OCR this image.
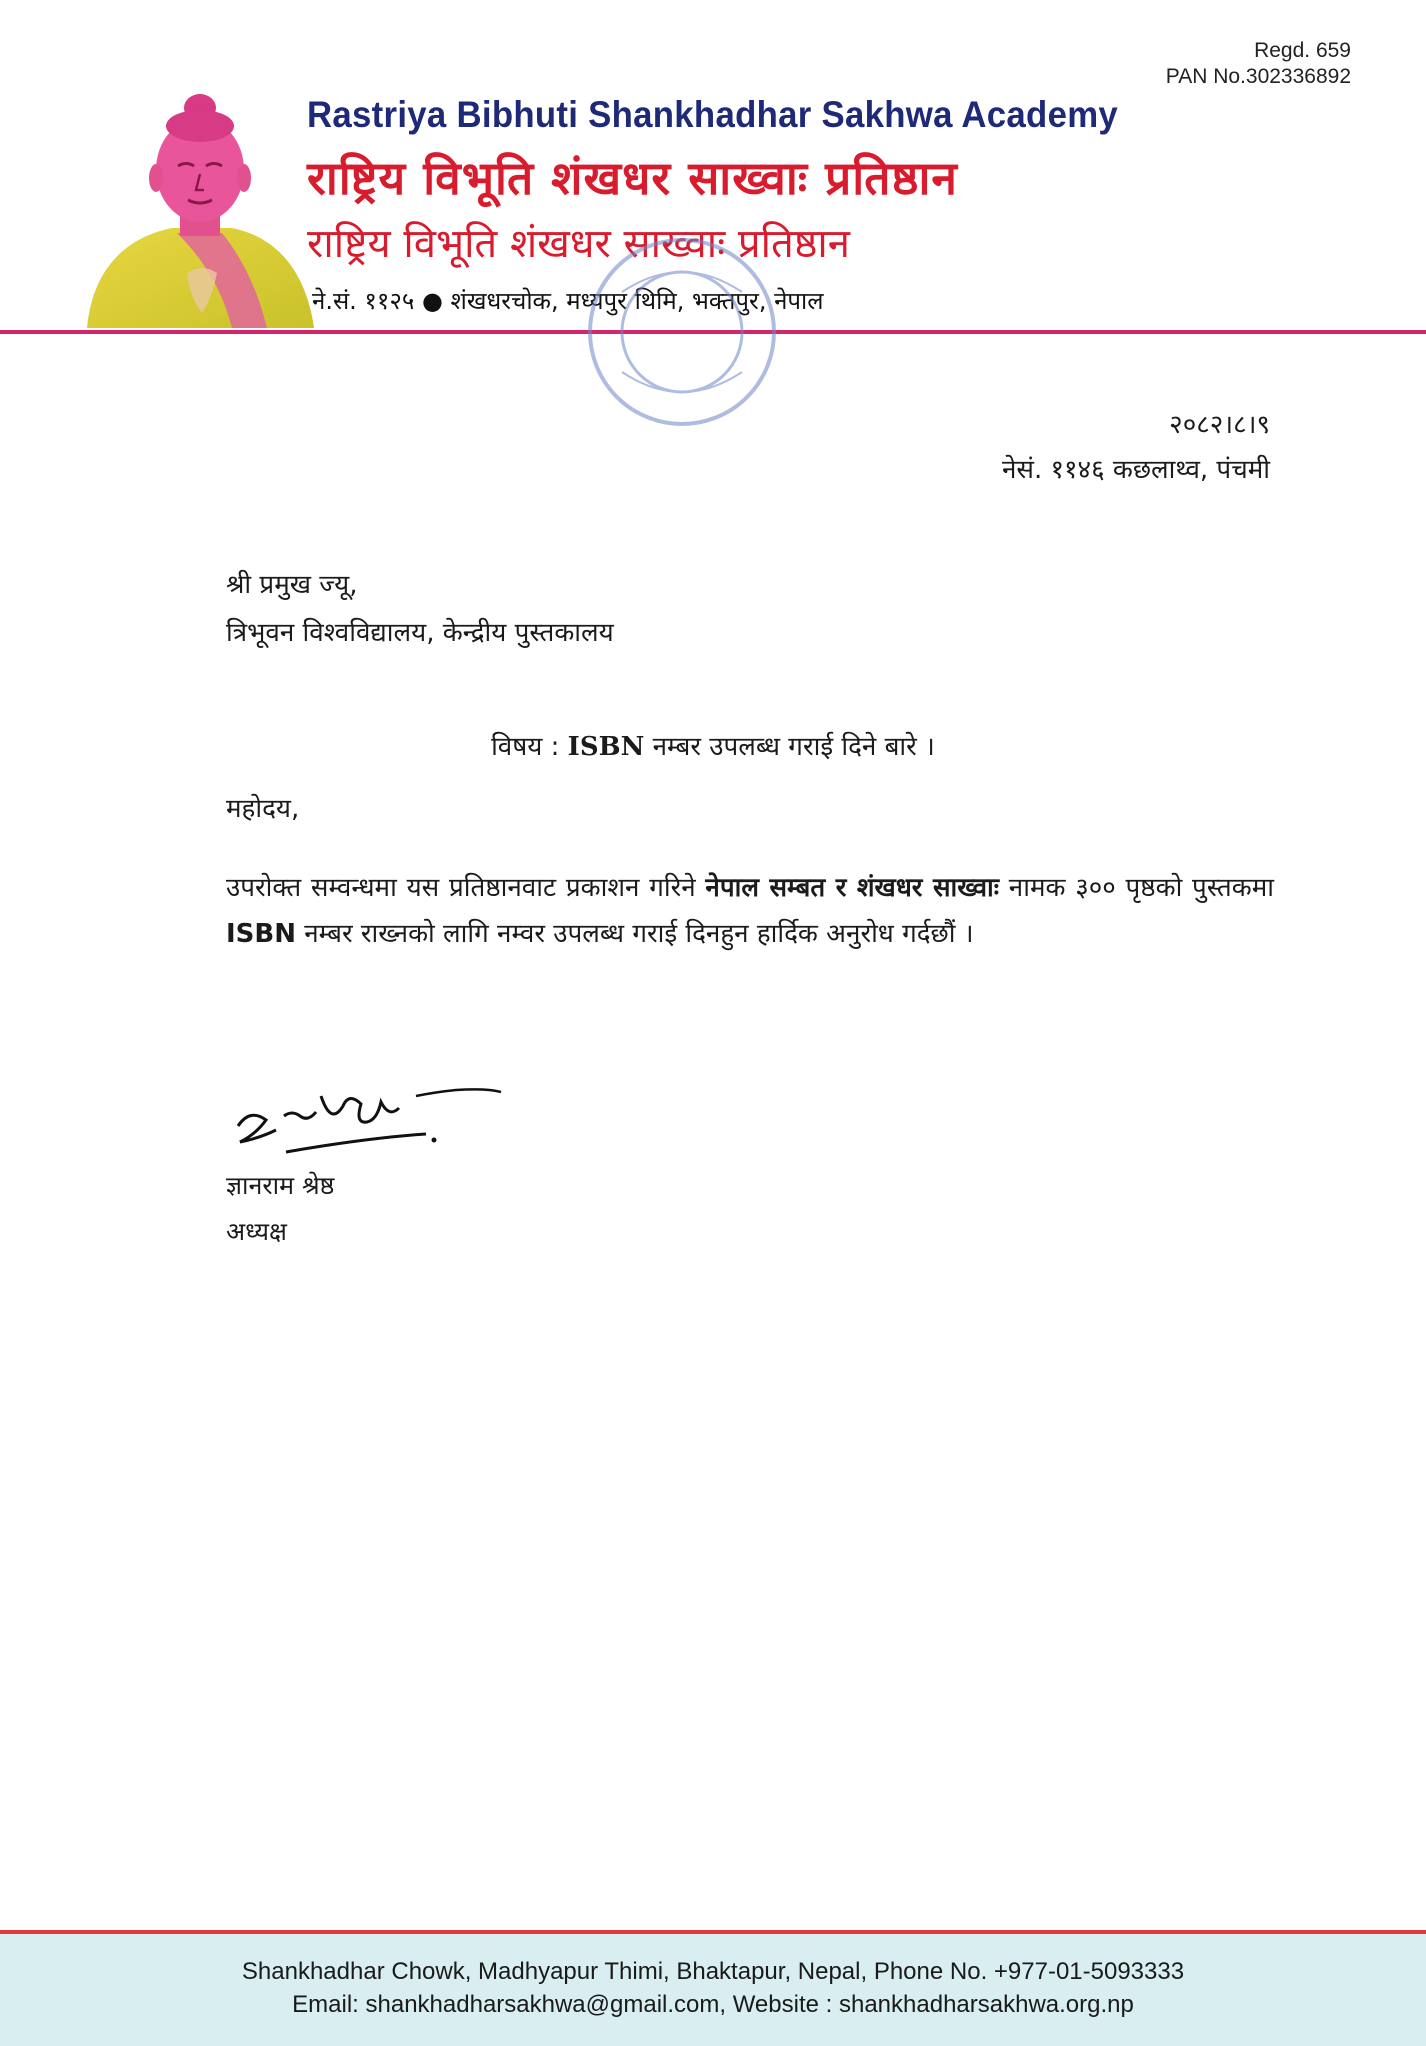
Regd. 659
PAN No.302336892
Rastriya Bibhuti Shankhadhar Sakhwa Academy
राष्ट्रिय विभूति शंखधर साख्वाः प्रतिष्ठान
राष्ट्रिय विभूति शंखधर साख्वाः प्रतिष्ठान
ने.सं. ११२५ ● शंखधरचोक, मध्यपुर थिमि, भक्तपुर, नेपाल
२०८२।८।९
नेसं. ११४६ कछलाथ्व, पंचमी
श्री प्रमुख ज्यू,
त्रिभूवन विश्वविद्यालय, केन्द्रीय पुस्तकालय
विषय : ISBN नम्बर उपलब्ध गराई दिने बारे ।
महोदय,
उपरोक्त सम्वन्धमा यस प्रतिष्ठानवाट प्रकाशन गरिने नेपाल सम्बत र शंखधर साख्वाः नामक ३०० पृष्ठको पुस्तकमा ISBN नम्बर राख्नको लागि नम्वर उपलब्ध गराई दिनहुन हार्दिक अनुरोध गर्दछौं ।
ज्ञानराम श्रेष्ठ
अध्यक्ष
Shankhadhar Chowk, Madhyapur Thimi, Bhaktapur, Nepal, Phone No. +977-01-5093333
Email: shankhadharsakhwa@gmail.com, Website : shankhadharsakhwa.org.np
